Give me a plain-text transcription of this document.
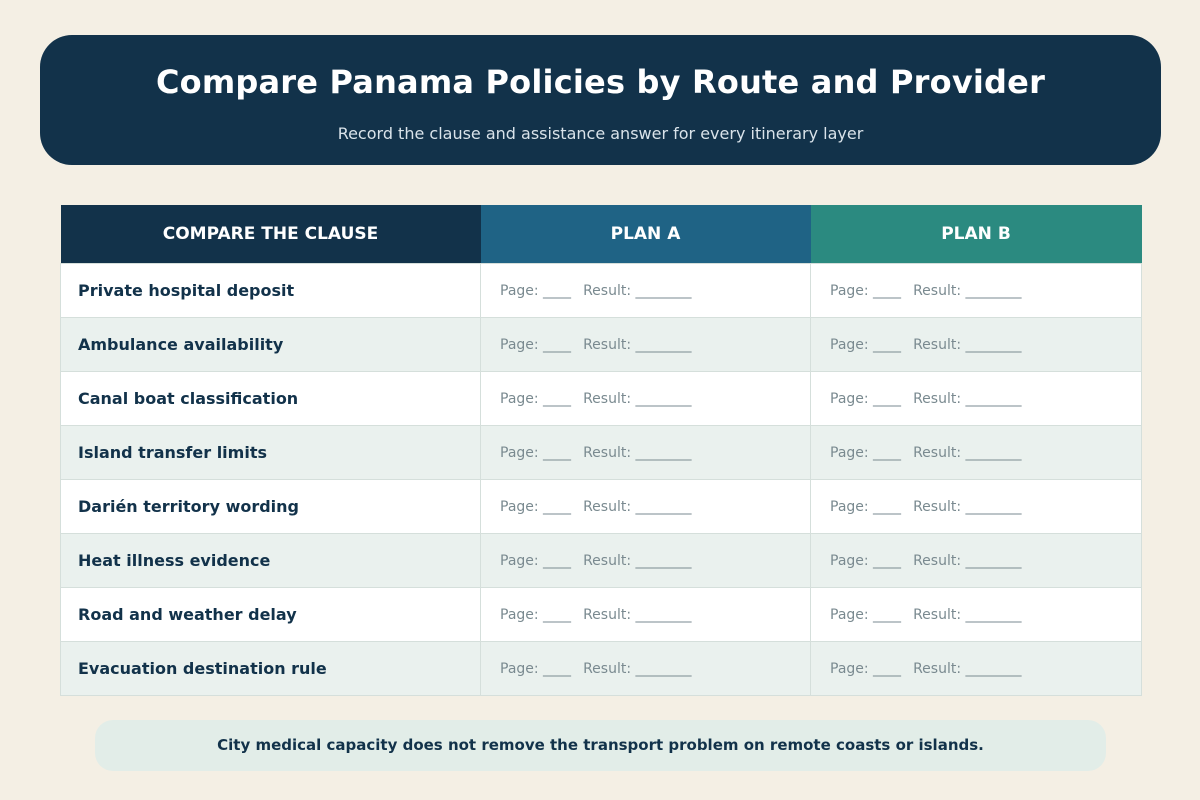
Compare Panama Policies by Route and Provider
Record the clause and assistance answer for every itinerary layer
COMPARE THE CLAUSE	PLAN A	PLAN B
Private hospital deposit	Page: ____ Result: ________	Page: ____ Result: ________
Ambulance availability	Page: ____ Result: ________	Page: ____ Result: ________
Canal boat classification	Page: ____ Result: ________	Page: ____ Result: ________
Island transfer limits	Page: ____ Result: ________	Page: ____ Result: ________
Darién territory wording	Page: ____ Result: ________	Page: ____ Result: ________
Heat illness evidence	Page: ____ Result: ________	Page: ____ Result: ________
Road and weather delay	Page: ____ Result: ________	Page: ____ Result: ________
Evacuation destination rule	Page: ____ Result: ________	Page: ____ Result: ________
City medical capacity does not remove the transport problem on remote coasts or islands.
